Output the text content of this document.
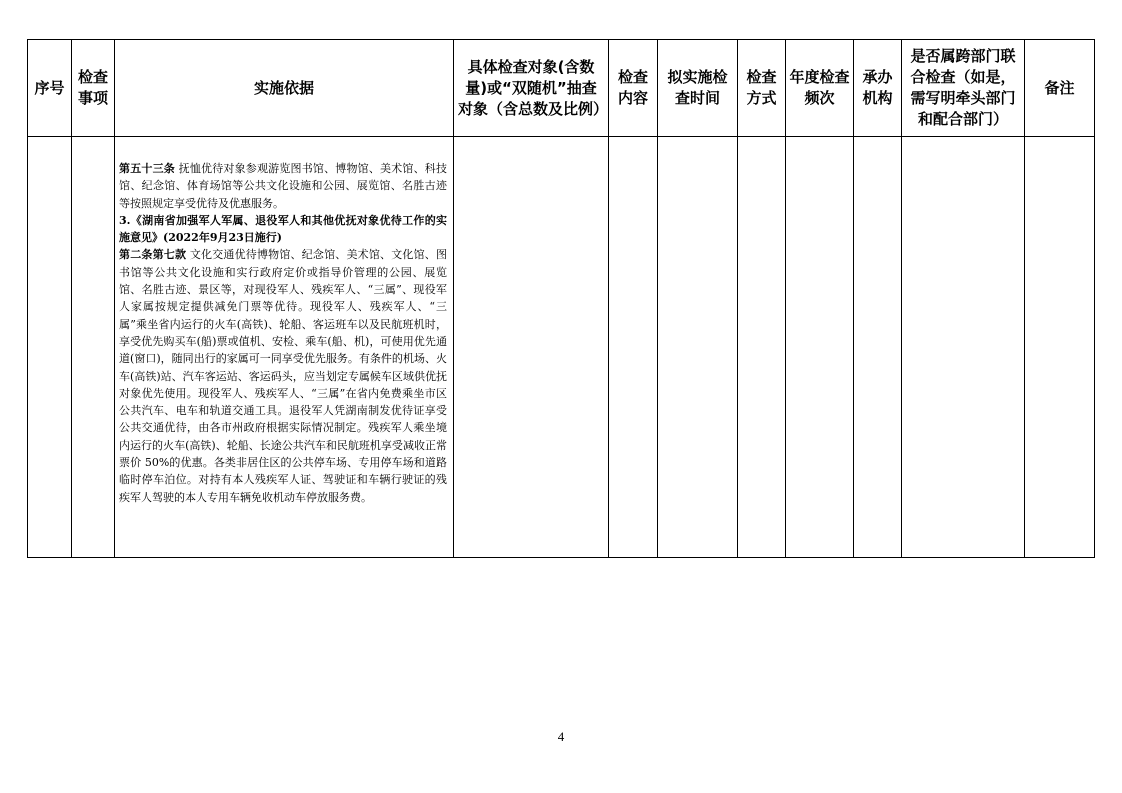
序号	检查事项	实施依据	具体检查对象(含数量)或“双随机”抽查对象（含总数及比例）	检查内容	拟实施检查时间	检查方式	年度检查频次	承办机构	是否属跨部门联合检查（如是，需写明牵头部门和配合部门）	备注

		第五十三条 抚恤优待对象参观游览图书馆、博物馆、美术馆、科技馆、纪念馆、体育场馆等公共文化设施和公园、展览馆、名胜古迹等按照规定享受优待及优惠服务。

3.《湖南省加强军人军属、退役军人和其他优抚对象优待工作的实施意见》(2022年9月23日施行)

第二条第七款 文化交通优待博物馆、纪念馆、美术馆、文化馆、图书馆等公共文化设施和实行政府定价或指导价管理的公园、展览馆、名胜古迹、景区等，对现役军人、残疾军人、“三属”、现役军人家属按规定提供减免门票等优待。现役军人、残疾军人、“三属”乘坐省内运行的火车(高铁)、轮船、客运班车以及民航班机时，享受优先购买车(船)票或值机、安检、乘车(船、机)，可使用优先通道(窗口)，随同出行的家属可一同享受优先服务。有条件的机场、火车(高铁)站、汽车客运站、客运码头，应当划定专属候车区域供优抚对象优先使用。现役军人、残疾军人、“三属”在省内免费乘坐市区公共汽车、电车和轨道交通工具。退役军人凭湖南制发优待证享受公共交通优待，由各市州政府根据实际情况制定。残疾军人乘坐境内运行的火车(高铁)、轮船、长途公共汽车和民航班机享受减收正常票价 50%的优惠。各类非居住区的公共停车场、专用停车场和道路临时停车泊位。对持有本人残疾军人证、驾驶证和车辆行驶证的残疾军人驾驶的本人专用车辆免收机动车停放服务费。								

4
